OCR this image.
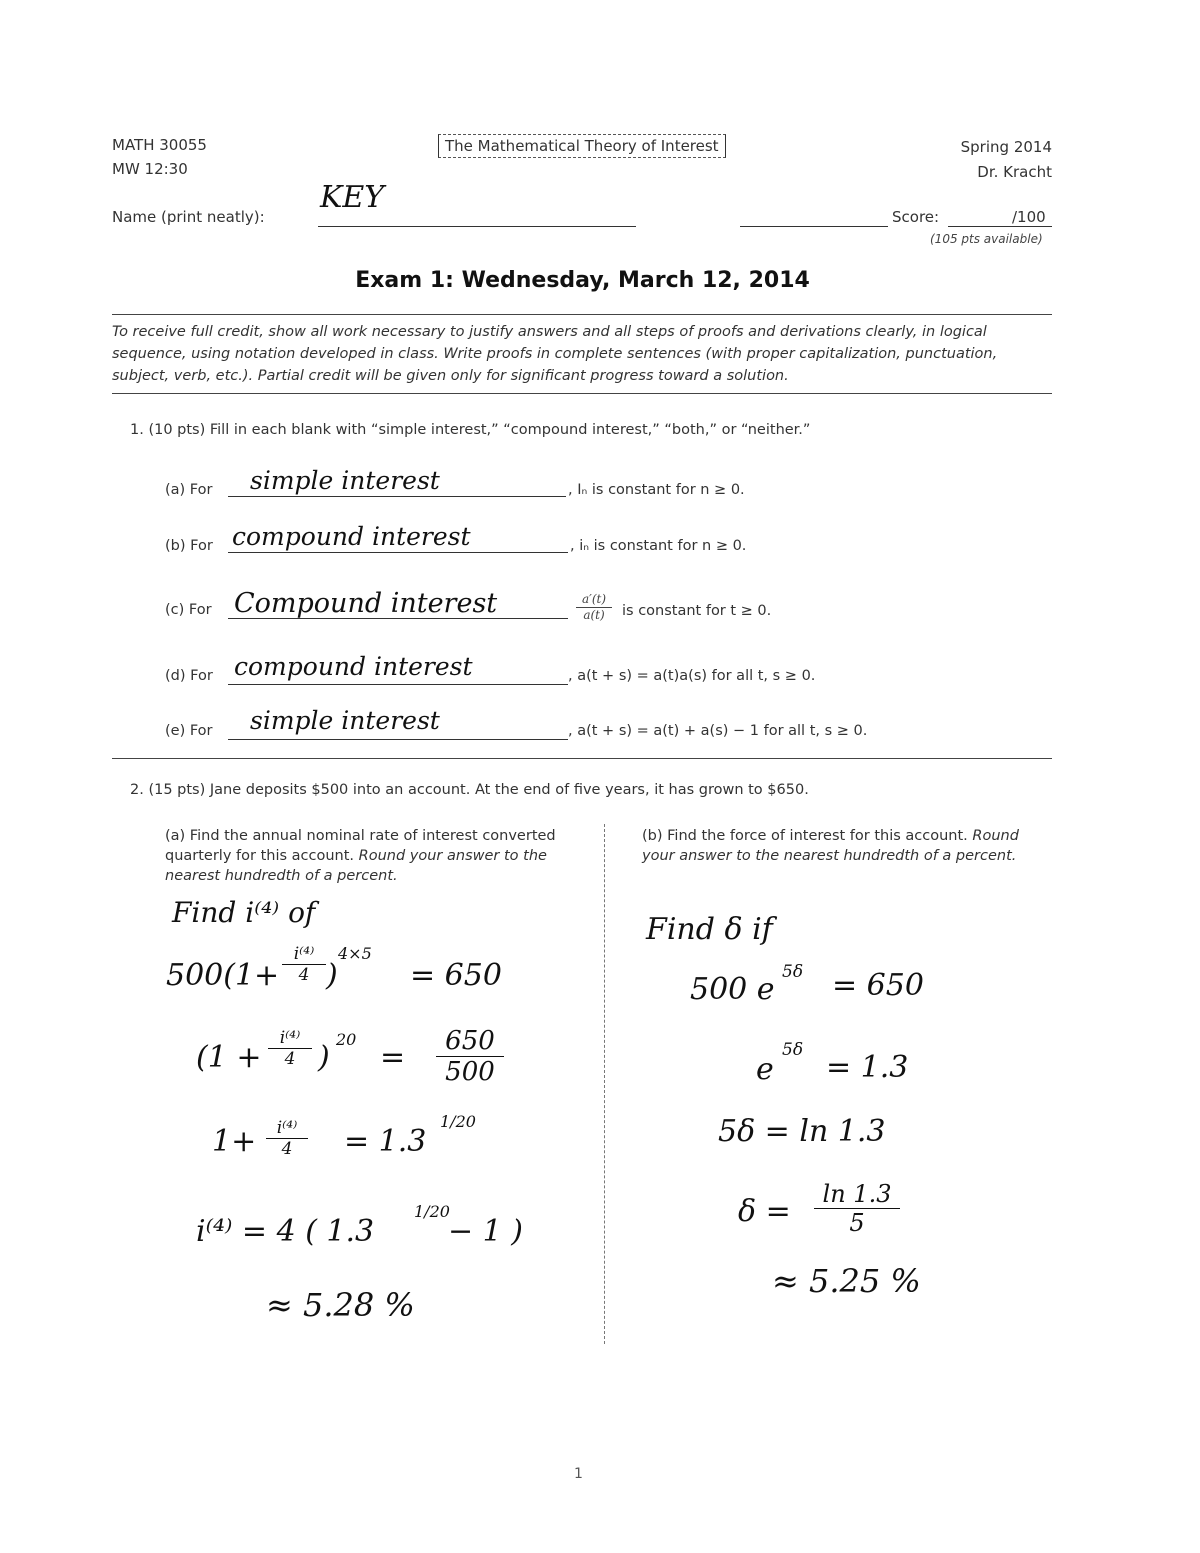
MATH 30055
MW 12:30
The Mathematical Theory of Interest	Spring 2014
Dr. Kracht
Name (print neatly):
KEY
Score:	/100
(105 pts available)
Exam 1: Wednesday, March 12, 2014
To receive full credit, show all work necessary to justify answers and all steps of proofs and derivations clearly, in logical sequence, using notation developed in class. Write proofs in complete sentences (with proper capitalization, punctuation, subject, verb, etc.). Partial credit will be given only for significant progress toward a solution.
1. (10 pts) Fill in each blank with “simple interest,” “compound interest,” “both,” or “neither.”
(a) For simple interest	, Iₙ is constant for n ≥ 0.
(b) For compound interest	, iₙ is constant for n ≥ 0.
(c) For Compound interest	$\frac{a'(t)}{a(t)}$ is constant for t ≥ 0.
(d) For compound interest	, a(t + s) = a(t)a(s) for all t, s ≥ 0.
(e) For simple interest	, a(t + s) = a(t) + a(s) − 1 for all t, s ≥ 0.
2. (15 pts) Jane deposits $500 into an account. At the end of five years, it has grown to $650.
(a) Find the annual nominal rate of interest converted quarterly for this account. Round your answer to the nearest hundredth of a percent.
(b) Find the force of interest for this account. Round your answer to the nearest hundredth of a percent.
Find i⁽⁴⁾ of
$500(1+ \frac{\text{i⁽⁴⁾}}{4}$ )
4×5
= 650
($1 + \frac{\text{i⁽⁴⁾}}{4}$ )
20
= $\frac{650}{500}$
$1+ \frac{\text{i⁽⁴⁾}}{4} = 1.3$
1/20
i⁽⁴⁾ = 4 ( 1.3
1/20
− 1 )
≈ 5.28 %
Find δ if
500 e 5δ = 650
e
5δ = 1.3
5δ = ln 1.3
$\delta = \frac{\ln 1.3}{5}$
≈ 5.25 %
1
